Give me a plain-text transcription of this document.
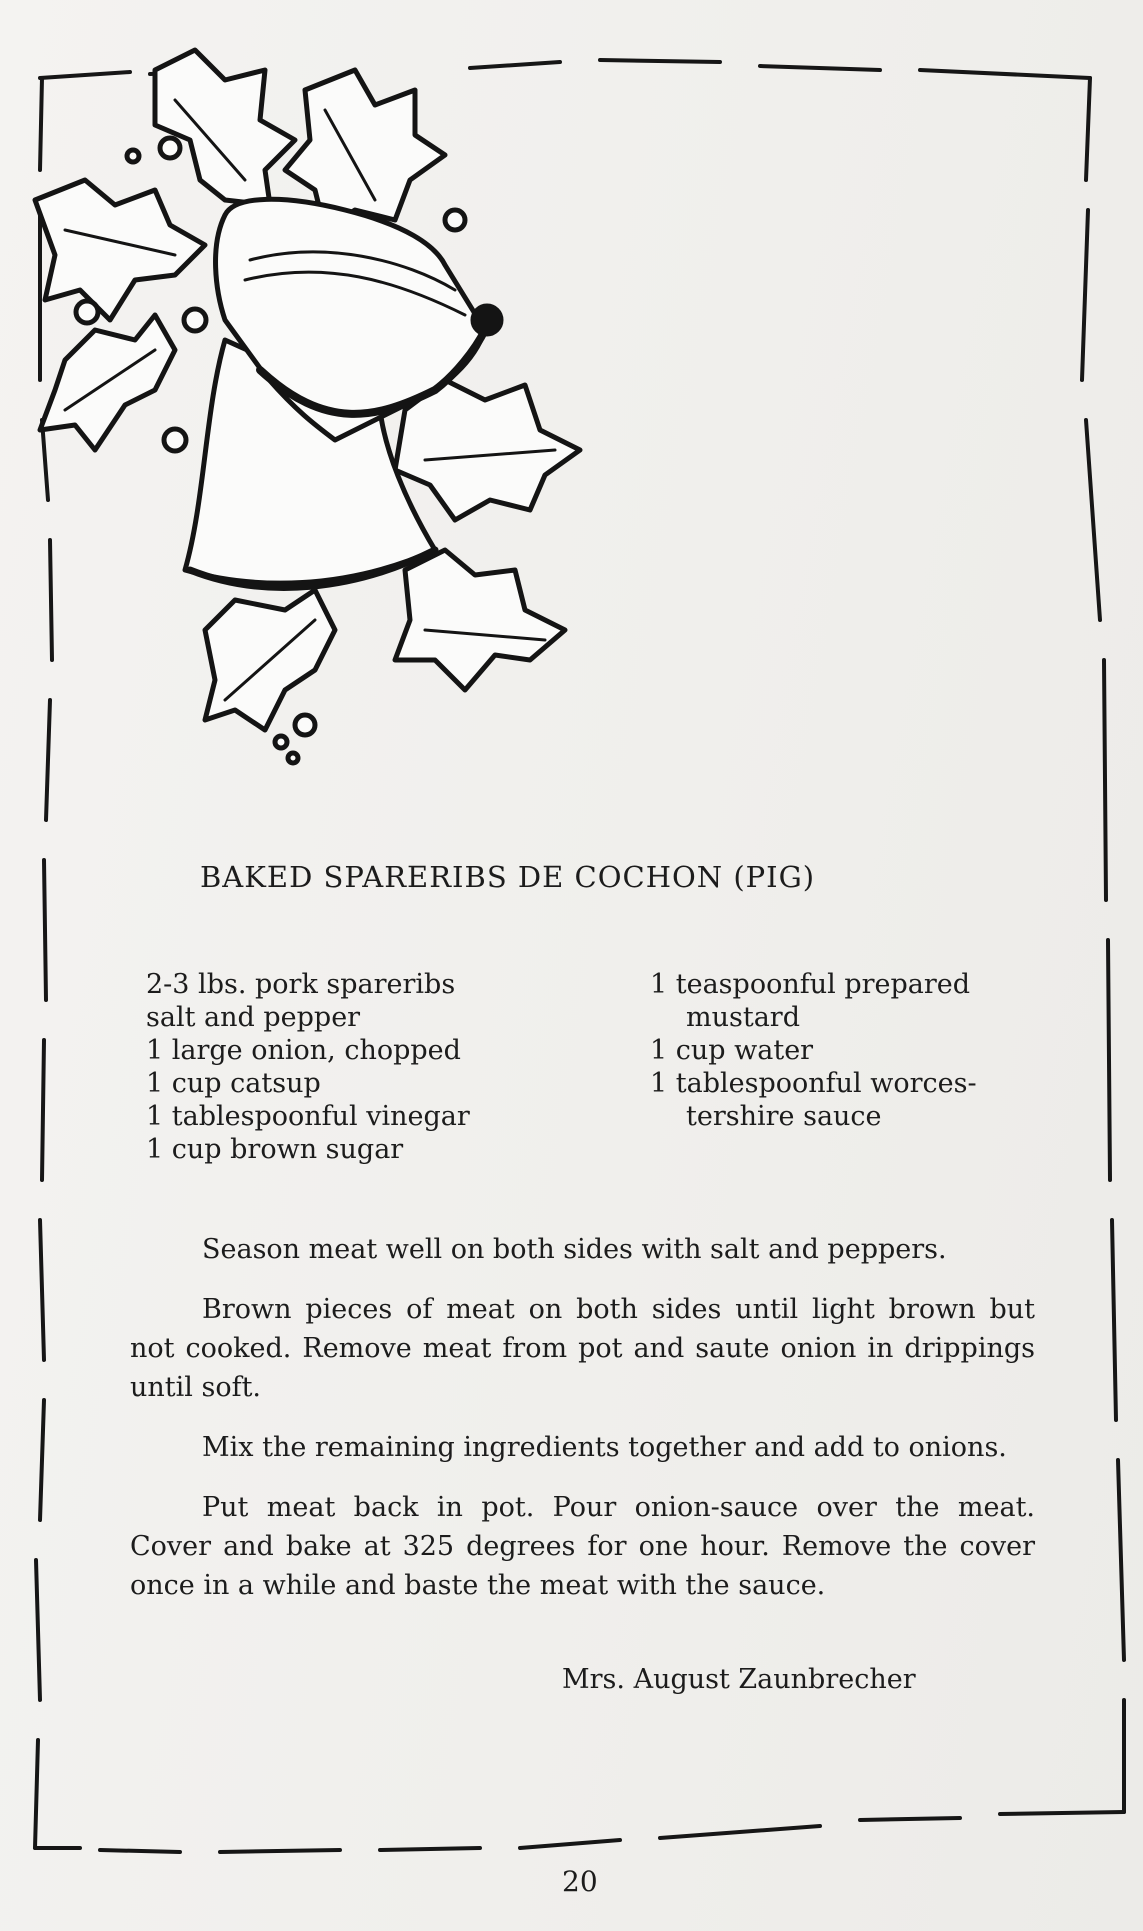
BAKED SPARERIBS DE COCHON (PIG)
2-3 lbs. pork spareribs
salt and pepper
1 large onion, chopped
1 cup catsup
1 tablespoonful vinegar
1 cup brown sugar
1 teaspoonful prepared
mustard
1 cup water
1 tablespoonful worces-
tershire sauce

Season meat well on both sides with salt and peppers.

Brown pieces of meat on both sides until light brown but not cooked. Remove meat from pot and saute onion in drippings until soft.

Mix the remaining ingredients together and add to onions.

Put meat back in pot. Pour onion-sauce over the meat. Cover and bake at 325 degrees for one hour. Remove the cover once in a while and baste the meat with the sauce.

Mrs. August Zaunbrecher
20
